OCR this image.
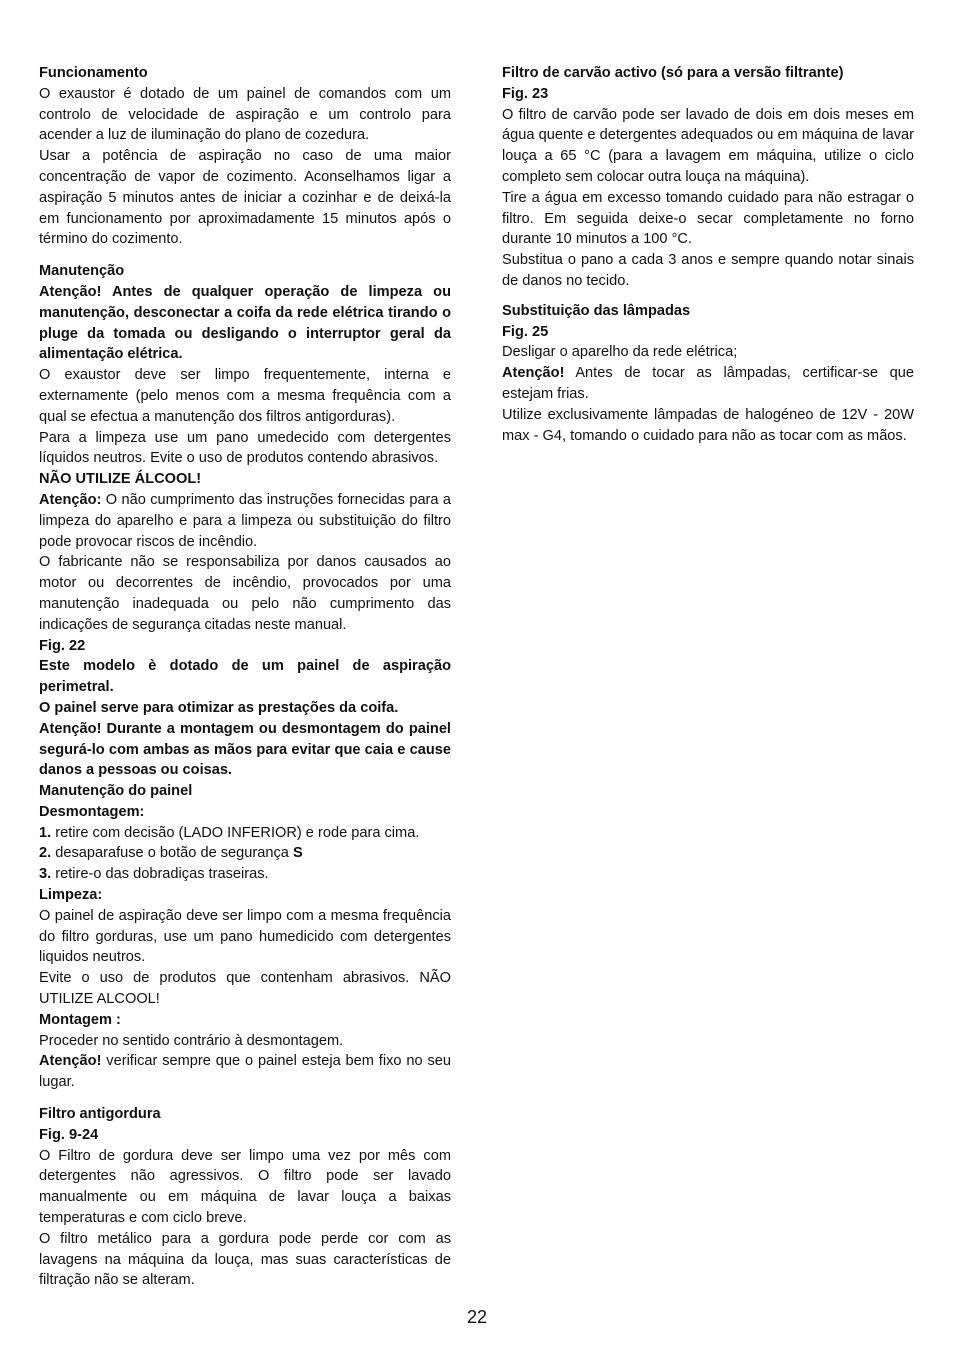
Funcionamento

O exaustor é dotado de um painel de comandos com um controlo de velocidade de aspiração e um controlo para acender a luz de iluminação do plano de cozedura.

Usar a potência de aspiração no caso de uma maior concentração de vapor de cozimento. Aconselhamos ligar a aspiração 5 minutos antes de iniciar a cozinhar e de deixá-la em funcionamento por aproximadamente 15 minutos após o término do cozimento.

Manutenção

Atenção! Antes de qualquer operação de limpeza ou manutenção, desconectar a coifa da rede elétrica tirando o pluge da tomada ou desligando o interruptor geral da alimentação elétrica.

O exaustor deve ser limpo frequentemente, interna e externamente (pelo menos com a mesma frequência com a qual se efectua a manutenção dos filtros antigorduras).

Para a limpeza use um pano umedecido com detergentes líquidos neutros. Evite o uso de produtos contendo abrasivos.

NÃO UTILIZE ÁLCOOL!

Atenção: O não cumprimento das instruções fornecidas para a limpeza do aparelho e para a limpeza ou substituição do filtro pode provocar riscos de incêndio.

O fabricante não se responsabiliza por danos causados ao motor ou decorrentes de incêndio, provocados por uma manutenção inadequada ou pelo não cumprimento das indicações de segurança citadas neste manual.

Fig. 22

Este modelo è dotado de um painel de aspiração perimetral.

O painel serve para otimizar as prestações da coifa.

Atenção! Durante a montagem ou desmontagem do painel segurá-lo com ambas as mãos para evitar que caia e cause danos a pessoas ou coisas.

Manutenção do painel

Desmontagem:

1. retire com decisão (LADO INFERIOR) e rode para cima.

2. desaparafuse o botão de segurança S

3. retire-o das dobradiças traseiras.

Limpeza:

O painel de aspiração deve ser limpo com a mesma frequência do filtro gorduras, use um pano humedicido com detergentes liquidos neutros.

Evite o uso de produtos que contenham abrasivos. NÃO UTILIZE ALCOOL!

Montagem :

Proceder no sentido contrário à desmontagem.

Atenção! verificar sempre que o painel esteja bem fixo no seu lugar.

Filtro antigordura

Fig. 9-24

O Filtro de gordura deve ser limpo uma vez por mês com detergentes não agressivos. O filtro pode ser lavado manualmente ou em máquina de lavar louça a baixas temperaturas e com ciclo breve.

O filtro metálico para a gordura pode perde cor com as lavagens na máquina da louça, mas suas características de filtração não se alteram.

Filtro de carvão activo (só para a versão filtrante)

Fig. 23

O filtro de carvão pode ser lavado de dois em dois meses em água quente e detergentes adequados ou em máquina de lavar louça a 65 °C (para a lavagem em máquina, utilize o ciclo completo sem colocar outra louça na máquina).

Tire a água em excesso tomando cuidado para não estragar o filtro. Em seguida deixe-o secar completamente no forno durante 10 minutos a 100 °C.

Substitua o pano a cada 3 anos e sempre quando notar sinais de danos no tecido.

Substituição das lâmpadas

Fig. 25

Desligar o aparelho da rede elétrica;

Atenção! Antes de tocar as lâmpadas, certificar-se que estejam frias.

Utilize exclusivamente lâmpadas de halogéneo de 12V - 20W max - G4, tomando o cuidado para não as tocar com as mãos.

22
